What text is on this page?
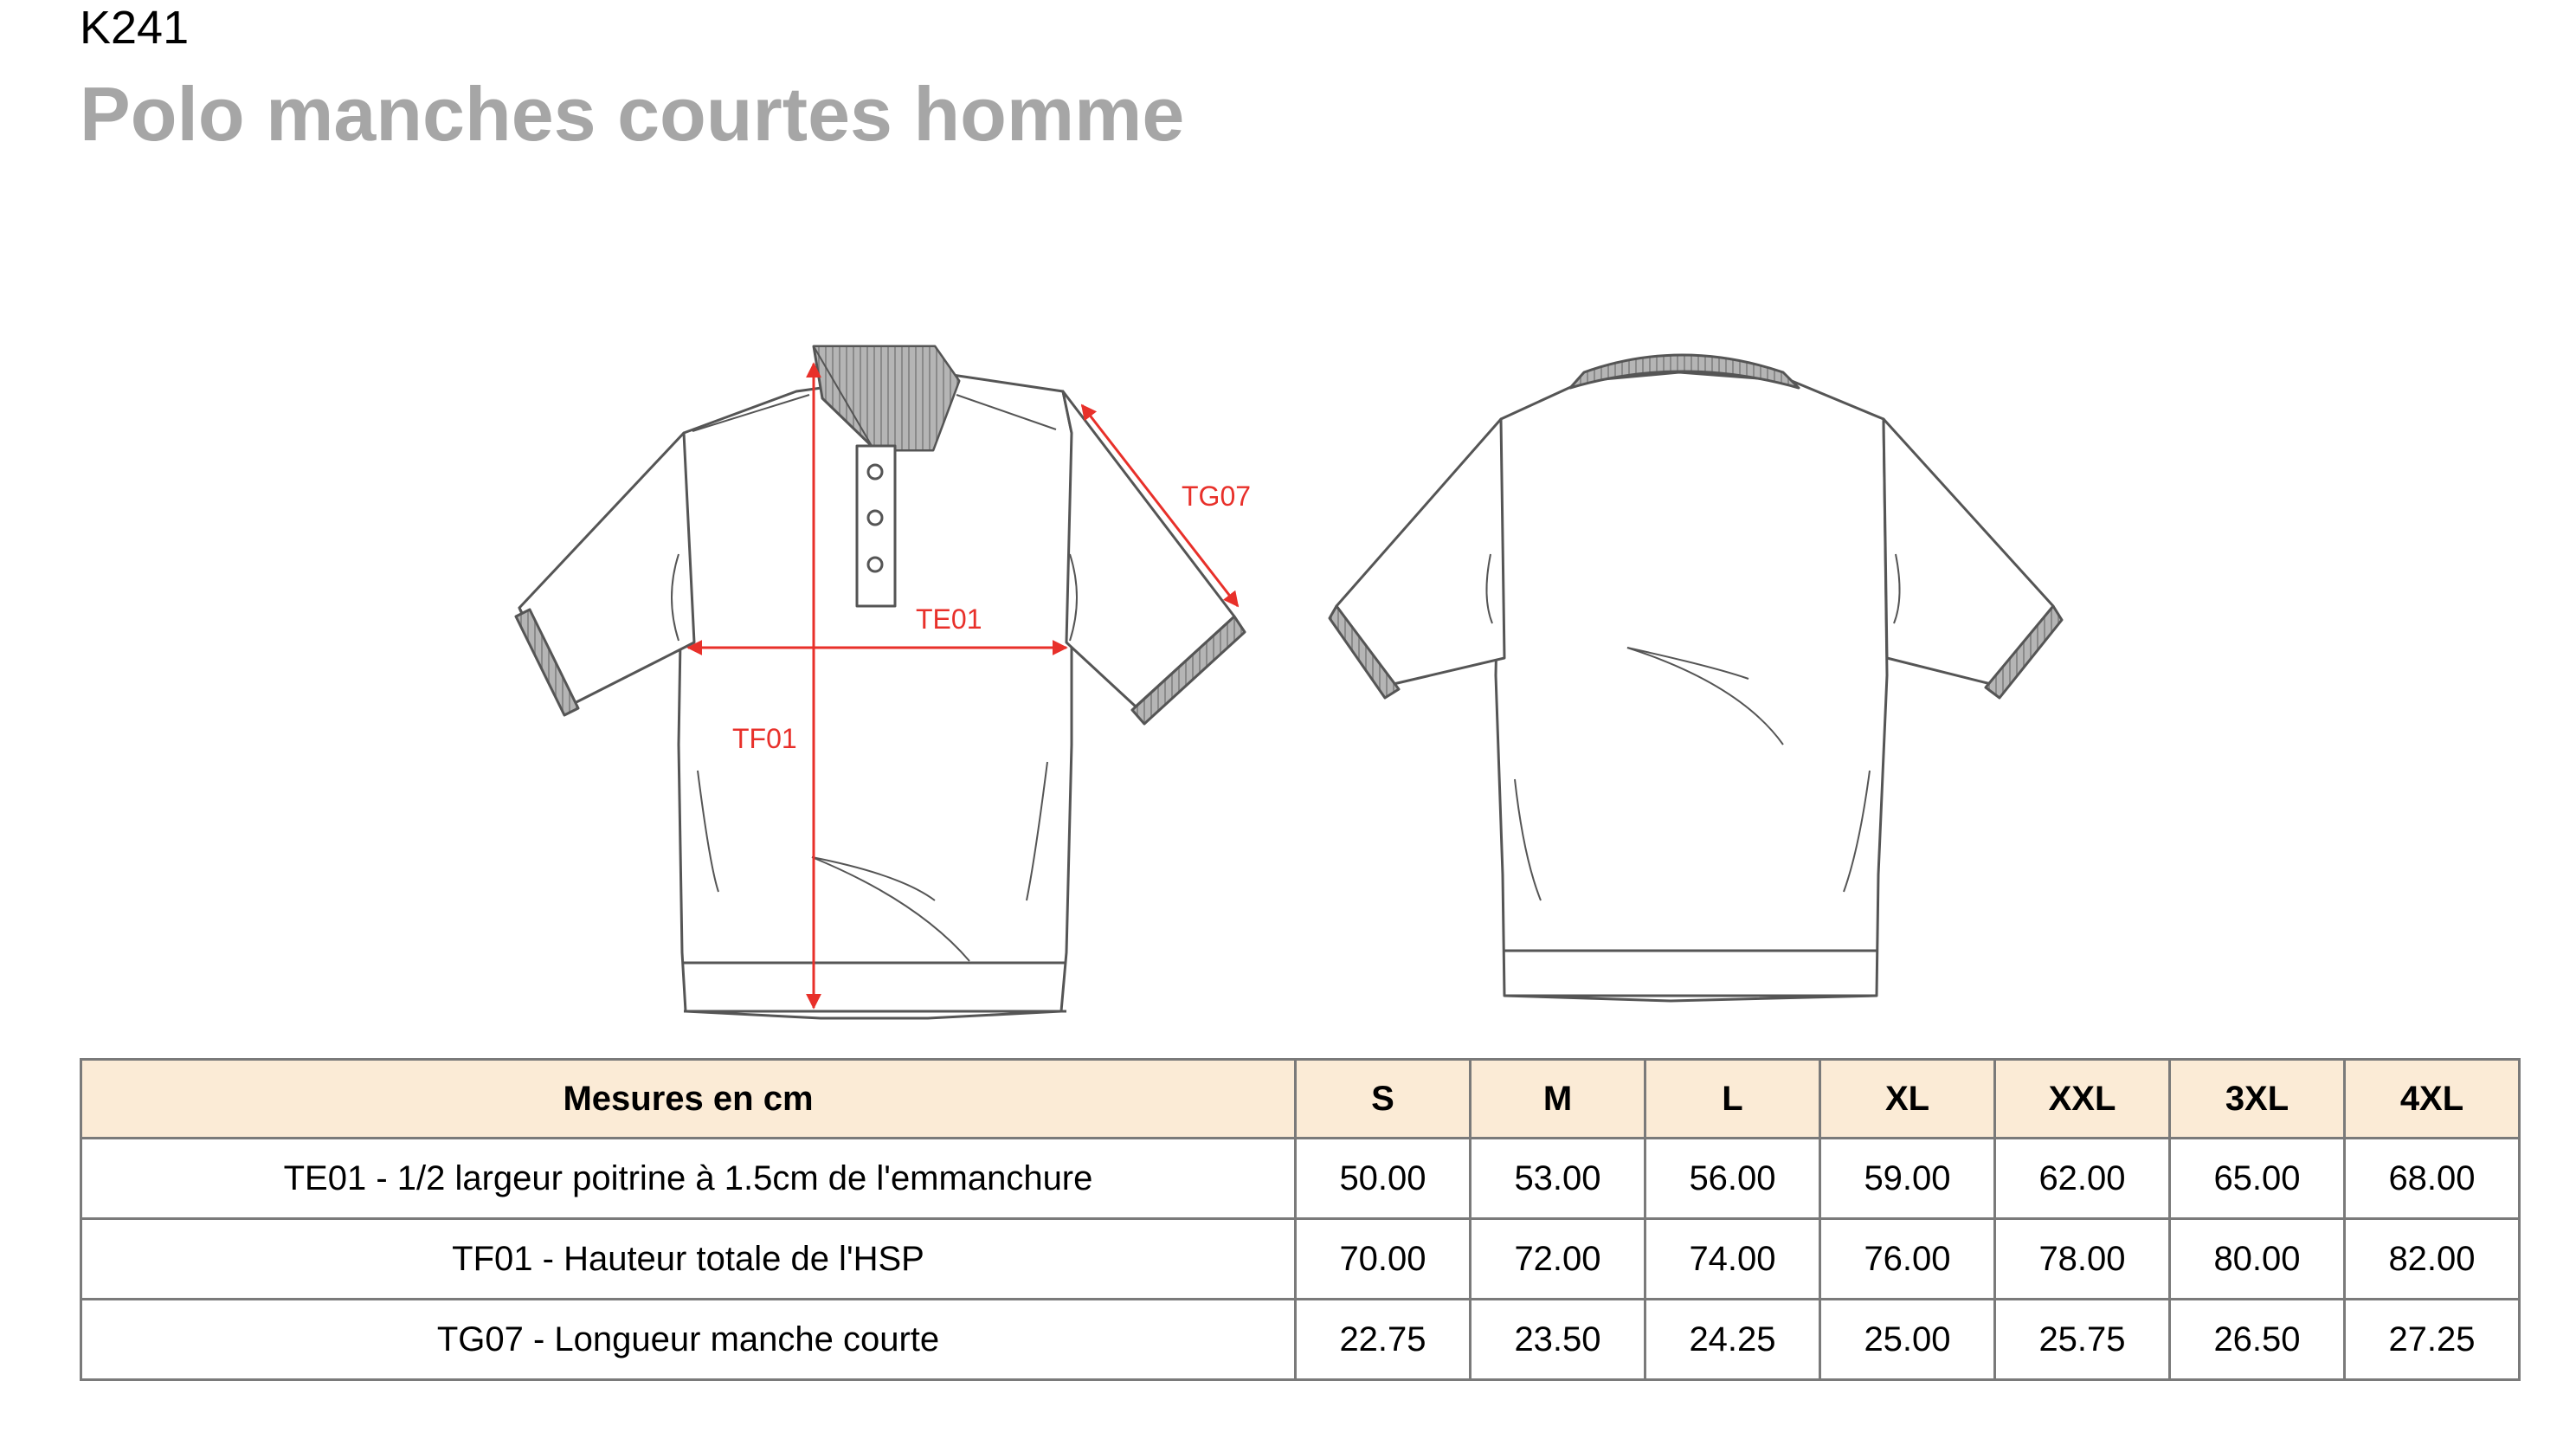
K241
Polo manches courtes homme
TE01
TF01
TG07
Mesures en cm	S	M	L	XL	XXL	3XL	4XL
TE01 - 1/2 largeur poitrine à 1.5cm de l'emmanchure	50.00	53.00	56.00	59.00	62.00	65.00	68.00
TF01 - Hauteur totale de l'HSP	70.00	72.00	74.00	76.00	78.00	80.00	82.00
TG07 - Longueur manche courte	22.75	23.50	24.25	25.00	25.75	26.50	27.25
